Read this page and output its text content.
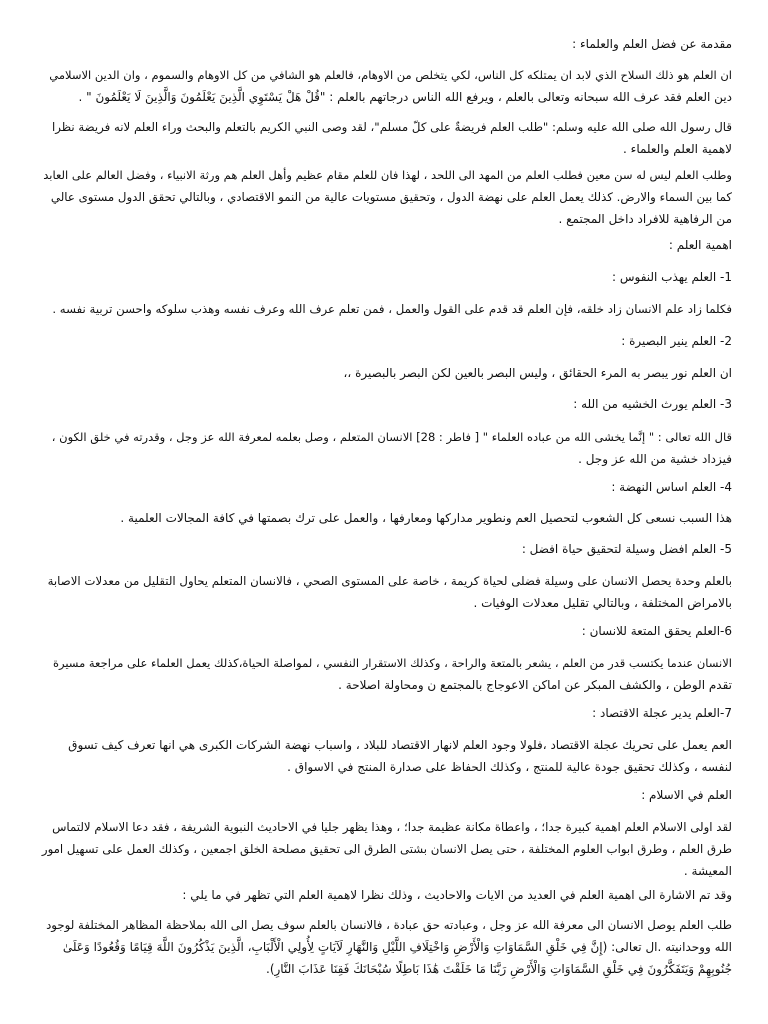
مقدمة عن فضل العلم والعلماء :

ان العلم هو ذلك السلاح الذي لابد ان يمتلكه كل الناس، لكي يتخلص من الاوهام، فالعلم هو الشافي من كل الاوهام والسموم ، وان الدين الاسلامي
دين العلم فقد عرف الله سبحانه وتعالى بالعلم ، ويرفع الله الناس درجاتهم بالعلم : "قُلْ هَلْ يَسْتَوِي الَّذِينَ يَعْلَمُونَ وَالَّذِينَ لَا يَعْلَمُونَ " .

قال رسول الله صلى الله عليه وسلم: "طلب العلم فريضةٌ على كلّ مسلم"، لقد وصى النبي الكريم بالتعلم والبحث وراء العلم لانه فريضة نظرا
لاهمية العلم والعلماء .

وطلب العلم ليس له سن معين فطلب العلم من المهد الى اللحد ، لهذا فان للعلم مقام عظيم وأهل العلم هم ورثة الانبياء ، وفضل العالم على العابد
كما بين السماء والارض. كذلك يعمل العلم على نهضة الدول ، وتحقيق مستويات عالية من النمو الاقتصادي ، وبالتالي تحقق الدول مستوى عالي
من الرفاهية للافراد داخل المجتمع .

اهمية العلم :

1- العلم يهذب النفوس :

فكلما زاد علم الانسان زاد خلقه، فإن العلم قد قدم على القول والعمل ، فمن تعلم عرف الله وعرف نفسه وهذب سلوكه واحسن تربية نفسه .

2- العلم ينير البصيرة :

ان العلم نور يبصر به المرء الحقائق ، وليس البصر بالعين لكن البصر بالبصيرة ،،

3- العلم يورث الخشيه من الله :

قال الله تعالى : " إنَّما يخشى الله من عباده العلماء " [ فاطر : 28] الانسان المتعلم ، وصل بعلمه لمعرفة الله عز وجل ، وقدرته في خلق الكون ،
فيزداد خشية من الله عز وجل .

4- العلم اساس النهضة :

هذا السبب نسعى كل الشعوب لتحصيل العم ونطوير مداركها ومعارفها ، والعمل على ترك بصمتها في كافة المجالات العلمية .

5- العلم افضل وسيلة لتحقيق حياة افضل :

بالعلم وحدة يحصل الانسان على وسيلة فضلى لحياة كريمة ، خاصة على المستوى الصحي ، فالانسان المتعلم يحاول التقليل من معدلات الاصابة
بالامراض المختلفة ، وبالتالي تقليل معدلات الوفيات .

6-العلم يحقق المتعة للانسان :

الانسان عندما يكتسب قدر من العلم ، يشعر بالمتعة والراحة ، وكذلك الاستقرار النفسي ، لمواصلة الحياة،كذلك يعمل العلماء على مراجعة مسيرة
تقدم الوطن ، والكشف المبكر عن اماكن الاعوجاج بالمجتمع ن ومحاولة اصلاحة .

7-العلم يدير عجلة الاقتصاد :

العم يعمل على تحريك عجلة الاقتصاد ،فلولا وجود العلم لانهار الاقتصاد للبلاد ، واسباب نهضة الشركات الكبرى هي انها تعرف كيف تسوق
لنفسه ، وكذلك تحقيق جودة عالية للمنتج ، وكذلك الحفاظ على صدارة المنتج في الاسواق .

العلم في الاسلام :

لقد اولى الاسلام العلم اهمية كبيرة جدا؛ ، واعطاة مكانة عظيمة جدا؛ ، وهذا يظهر جليا في الاحاديث النبوية الشريفة ، فقد دعا الاسلام لالتماس
طرق العلم ، وطرق ابواب العلوم المختلفة ، حتى يصل الانسان بشتى الطرق الى تحقيق مصلحة الخلق اجمعين ، وكذلك العمل على تسهيل امور
المعيشة .

وقد تم الاشارة الى اهمية العلم في العديد من الايات والاحاديث ، وذلك نظرا لاهمية العلم التي تظهر في ما يلي :

طلب العلم يوصل الانسان الى معرفة الله عز وجل ، وعبادته حق عبادة ، فالانسان بالعلم سوف يصل الى الله بملاحظة المظاهر المختلفة لوجود
الله ووحدانيته .ال تعالى: (إِنَّ فِي خَلْقِ السَّمَاوَاتِ وَالْأَرْضِ وَاخْتِلَافِ اللَّيْلِ وَالنَّهَارِ لَآيَاتٍ لِأُولِي الْأَلْبَابِ، الَّذِينَ يَذْكُرُونَ اللَّهَ قِيَامًا وَقُعُودًا وَعَلَىٰ
جُنُوبِهِمْ وَيَتَفَكَّرُونَ فِي خَلْقِ السَّمَاوَاتِ وَالْأَرْضِ رَبَّنَا مَا خَلَقْتَ هَٰذَا بَاطِلًا سُبْحَانَكَ فَقِنَا عَذَابَ النَّارِ).
